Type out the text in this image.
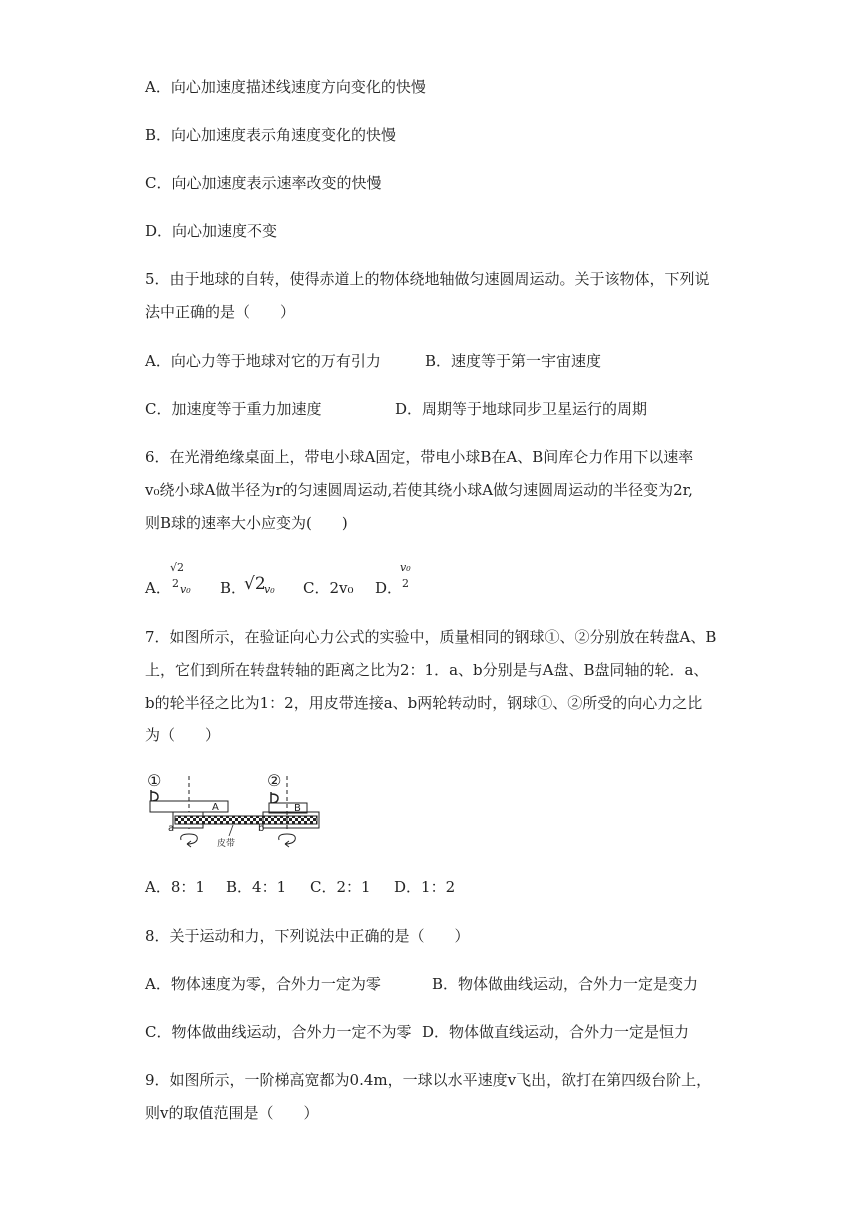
A．向心加速度描述线速度方向变化的快慢
B．向心加速度表示角速度变化的快慢
C．向心加速度表示速率改变的快慢
D．向心加速度不变
5．由于地球的自转，使得赤道上的物体绕地轴做匀速圆周运动。关于该物体，下列说
法中正确的是（　　）
A．向心力等于地球对它的万有引力	B．速度等于第一宇宙速度
C．加速度等于重力加速度	D．周期等于地球同步卫星运行的周期
6．在光滑绝缘桌面上，带电小球A固定，带电小球B在A、B间库仑力作用下以速率
v₀绕小球A做半径为r的匀速圆周运动,若使其绕小球A做匀速圆周运动的半径变为2r,
则B球的速率大小应变为(　　)
A．
√2
2 v₀ B．
√2
v₀ C．2v₀ D．
v₀
2
7．如图所示，在验证向心力公式的实验中，质量相同的钢球①、②分别放在转盘A、B
上，它们到所在转盘转轴的距离之比为2：1．a、b分别是与A盘、B盘同轴的轮．a、
b的轮半径之比为1：2，用皮带连接a、b两轮转动时，钢球①、②所受的向心力之比
为（　　）
①
A
a
皮带
②
B
b
A．8：1 B．4：1 C．2：1 D．1：2
8．关于运动和力，下列说法中正确的是（　　）
A．物体速度为零，合外力一定为零	B．物体做曲线运动，合外力一定是变力
C．物体做曲线运动，合外力一定不为零 D．物体做直线运动，合外力一定是恒力
9．如图所示，一阶梯高宽都为0.4m，一球以水平速度v飞出，欲打在第四级台阶上，
则v的取值范围是（　　）
